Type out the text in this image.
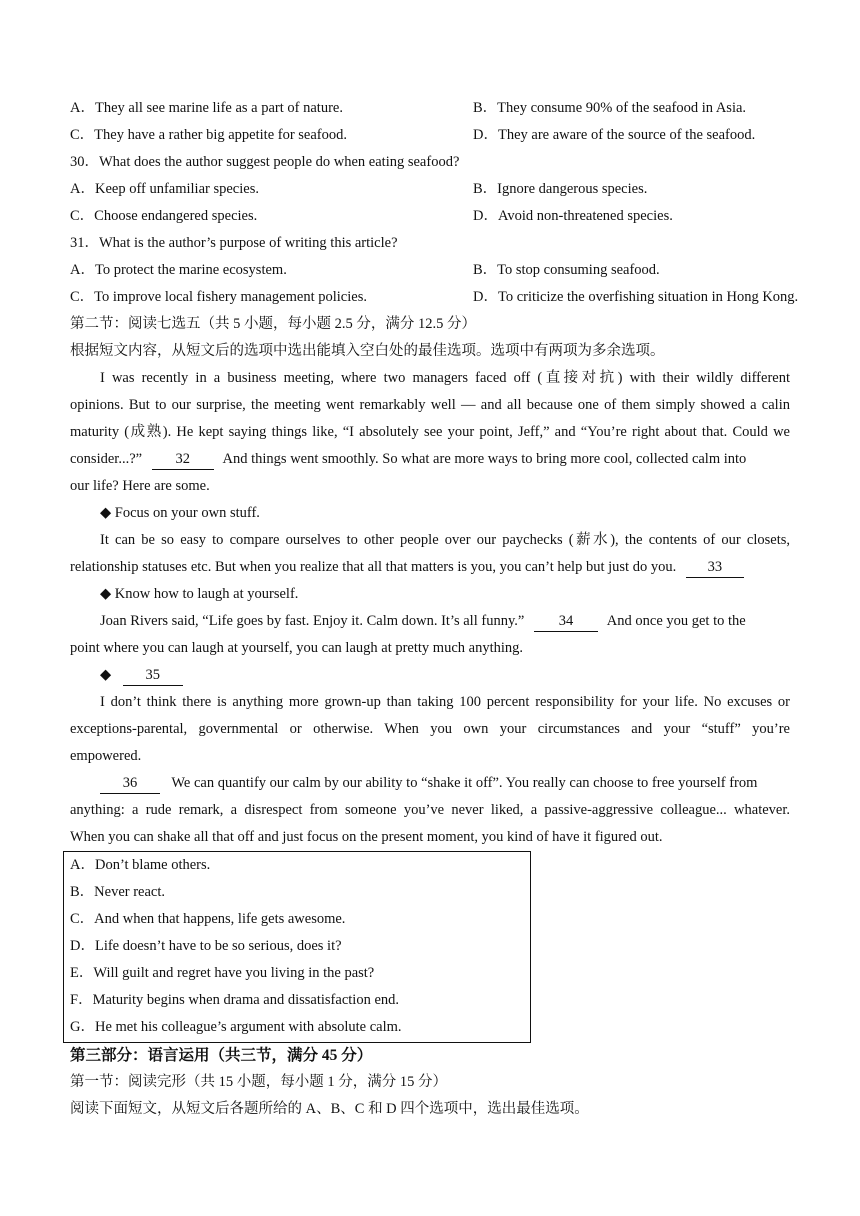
A．They all see marine life as a part of nature.	B．They consume 90% of the seafood in Asia.
C．They have a rather big appetite for seafood.	D．They are aware of the source of the seafood.
30．What does the author suggest people do when eating seafood?
A．Keep off unfamiliar species.	B．Ignore dangerous species.
C．Choose endangered species.	D．Avoid non-threatened species.
31．What is the author’s purpose of writing this article?
A．To protect the marine ecosystem.	B．To stop consuming seafood.
C．To improve local fishery management policies.	D．To criticize the overfishing situation in Hong Kong.
第二节：阅读七选五（共 5 小题，每小题 2.5 分，满分 12.5 分）
根据短文内容，从短文后的选项中选出能填入空白处的最佳选项。选项中有两项为多余选项。
I was recently in a business meeting, where two managers faced off (直接对抗) with their wildly different
opinions. But to our surprise, the meeting went remarkably well — and all because one of them simply showed a calin
maturity (成熟). He kept saying things like, “I absolutely see your point, Jeff,” and “You’re right about that. Could we
consider...?” 32 And things went smoothly. So what are more ways to bring more cool, collected calm into
our life? Here are some.
◆ Focus on your own stuff.
It can be so easy to compare ourselves to other people over our paychecks (薪水), the contents of our closets,
relationship statuses etc. But when you realize that all that matters is you, you can’t help but just do you. 33
◆ Know how to laugh at yourself.
Joan Rivers said, “Life goes by fast. Enjoy it. Calm down. It’s all funny.” 34 And once you get to the
point where you can laugh at yourself, you can laugh at pretty much anything.
◆ 35
I don’t think there is anything more grown-up than taking 100 percent responsibility for your life. No excuses or
exceptions-parental, governmental or otherwise. When you own your circumstances and your “stuff” you’re
empowered.
36 We can quantify our calm by our ability to “shake it off”. You really can choose to free yourself from
anything: a rude remark, a disrespect from someone you’ve never liked, a passive-aggressive colleague... whatever.
When you can shake all that off and just focus on the present moment, you kind of have it figured out.
A．Don’t blame others.
B．Never react.
C．And when that happens, life gets awesome.
D．Life doesn’t have to be so serious, does it?
E．Will guilt and regret have you living in the past?
F．Maturity begins when drama and dissatisfaction end.
G．He met his colleague’s argument with absolute calm.
第三部分：语言运用（共三节，满分 45 分）
第一节：阅读完形（共 15 小题，每小题 1 分，满分 15 分）
阅读下面短文，从短文后各题所给的 A、B、C 和 D 四个选项中，选出最佳选项。
